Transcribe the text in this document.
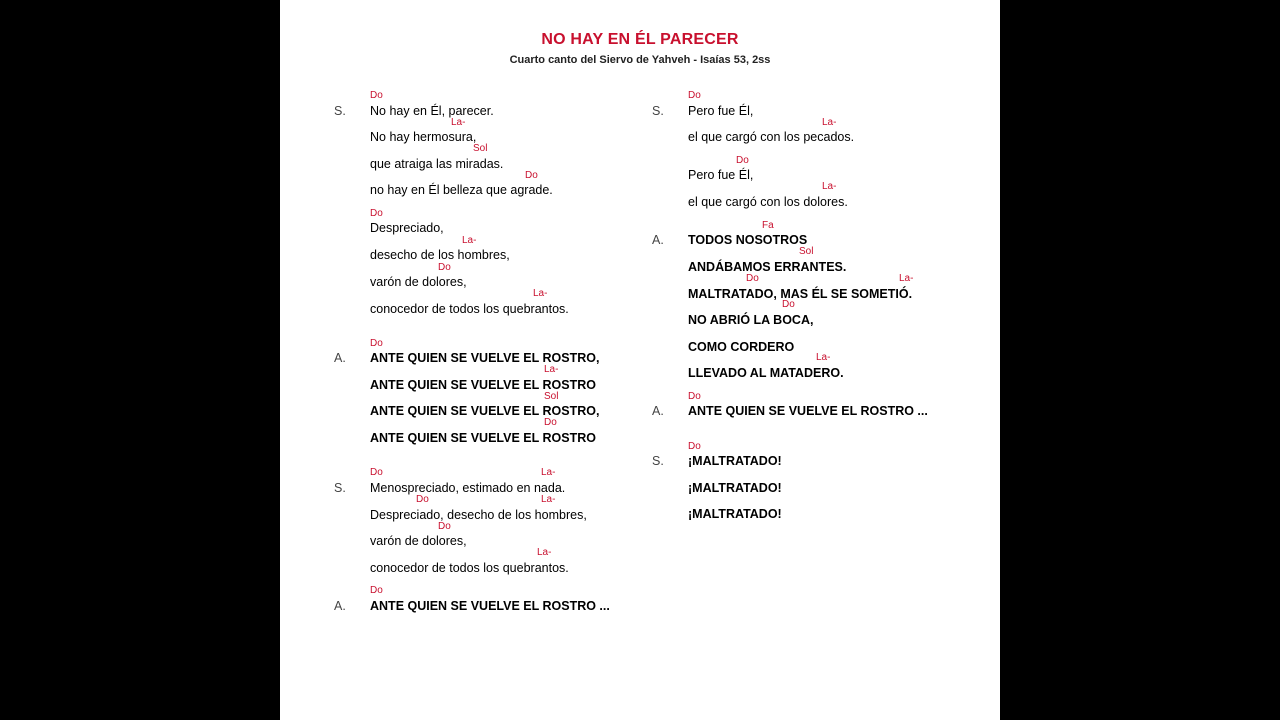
NO HAY EN ÉL PARECER
Cuarto canto del Siervo de Yahveh - Isaías 53, 2ss
S.
A.
S.
A.
S.
A.
A.
S.
No hay en Él, parecer.
No hay hermosura,
que atraiga las miradas.
no hay en Él belleza que agrade.
Despreciado,
desecho de los hombres,
varón de dolores,
conocedor de todos los quebrantos.
ANTE QUIEN SE VUELVE EL ROSTRO,
ANTE QUIEN SE VUELVE EL ROSTRO
ANTE QUIEN SE VUELVE EL ROSTRO,
ANTE QUIEN SE VUELVE EL ROSTRO
Menospreciado, estimado en nada.
Despreciado, desecho de los hombres,
varón de dolores,
conocedor de todos los quebrantos.
ANTE QUIEN SE VUELVE EL ROSTRO ...
Pero fue Él,
el que cargó con los pecados.
Pero fue Él,
el que cargó con los dolores.
TODOS NOSOTROS
ANDÁBAMOS ERRANTES.
MALTRATADO, MAS ÉL SE SOMETIÓ.
NO ABRIÓ LA BOCA,
COMO CORDERO
LLEVADO AL MATADERO.
ANTE QUIEN SE VUELVE EL ROSTRO ...
¡MALTRATADO!
¡MALTRATADO!
¡MALTRATADO!
Do
La-
Sol
Do
Do
La-
Do
La-
Do
La-
Sol
Do
Do	La-
Do	La-
Do
La-
Do
Do
La-
Do
La-
Fa
Sol
Do	La-
Do
La-
Do
Do
